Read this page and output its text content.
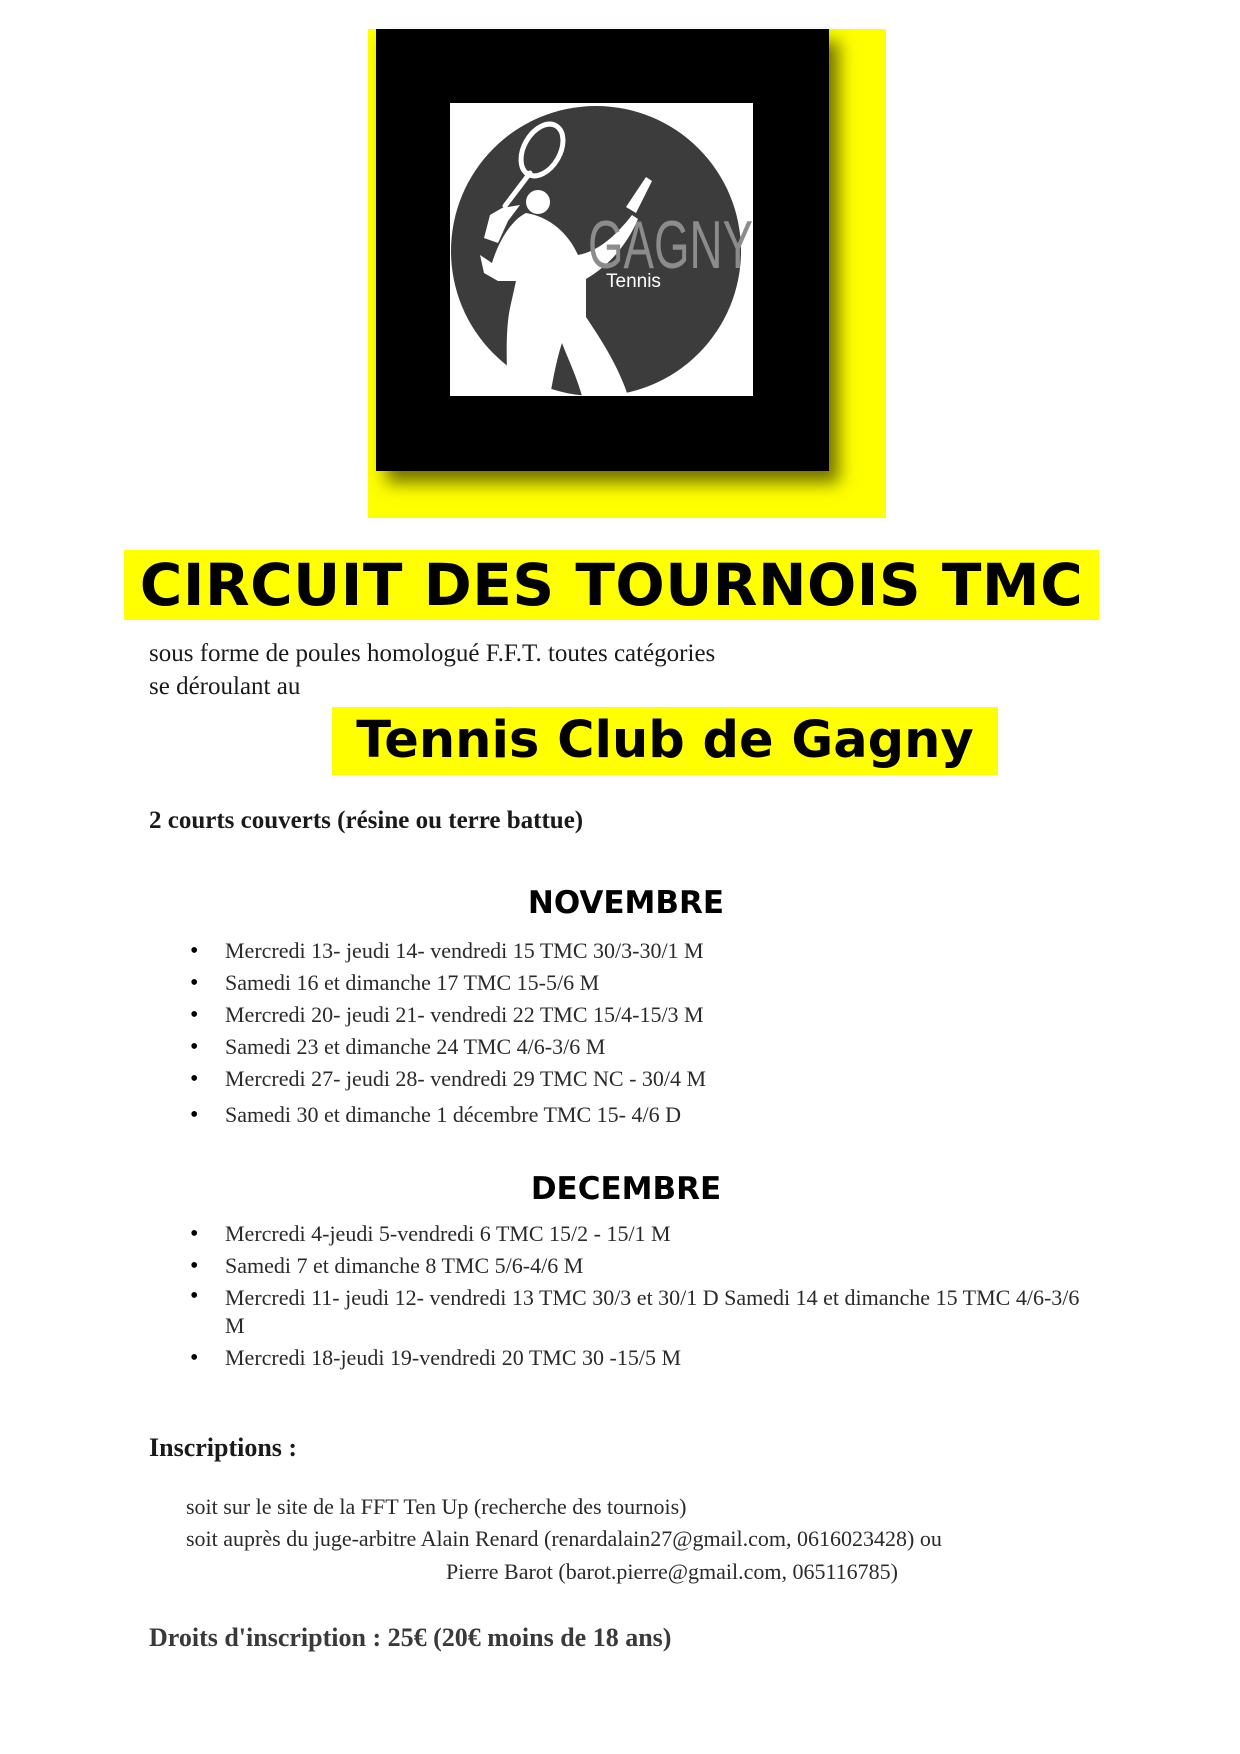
GAGNY
Tennis
CIRCUIT DES TOURNOIS TMC
sous forme de poules homologué F.F.T. toutes catégories
se déroulant au
Tennis Club de Gagny
2 courts couverts (résine ou terre battue)
NOVEMBRE
• Mercredi 13- jeudi 14- vendredi 15 TMC 30/3-30/1 M
• Samedi 16 et dimanche 17 TMC 15-5/6 M
• Mercredi 20- jeudi 21- vendredi 22 TMC 15/4-15/3 M
• Samedi 23 et dimanche 24 TMC 4/6-3/6 M
• Mercredi 27- jeudi 28- vendredi 29 TMC NC - 30/4 M
• Samedi 30 et dimanche 1 décembre TMC 15- 4/6 D
DECEMBRE
• Mercredi 4-jeudi 5-vendredi 6 TMC 15/2 - 15/1 M
• Samedi 7 et dimanche 8 TMC 5/6-4/6 M
• Mercredi 11- jeudi 12- vendredi 13 TMC 30/3 et 30/1 D Samedi 14 et dimanche 15 TMC 4/6-3/6 M
• Mercredi 18-jeudi 19-vendredi 20 TMC 30 -15/5 M
Inscriptions :
soit sur le site de la FFT Ten Up (recherche des tournois)
soit auprès du juge-arbitre Alain Renard (renardalain27@gmail.com, 0616023428) ou
Pierre Barot (barot.pierre@gmail.com, 065116785)
Droits d'inscription : 25€ (20€ moins de 18 ans)
